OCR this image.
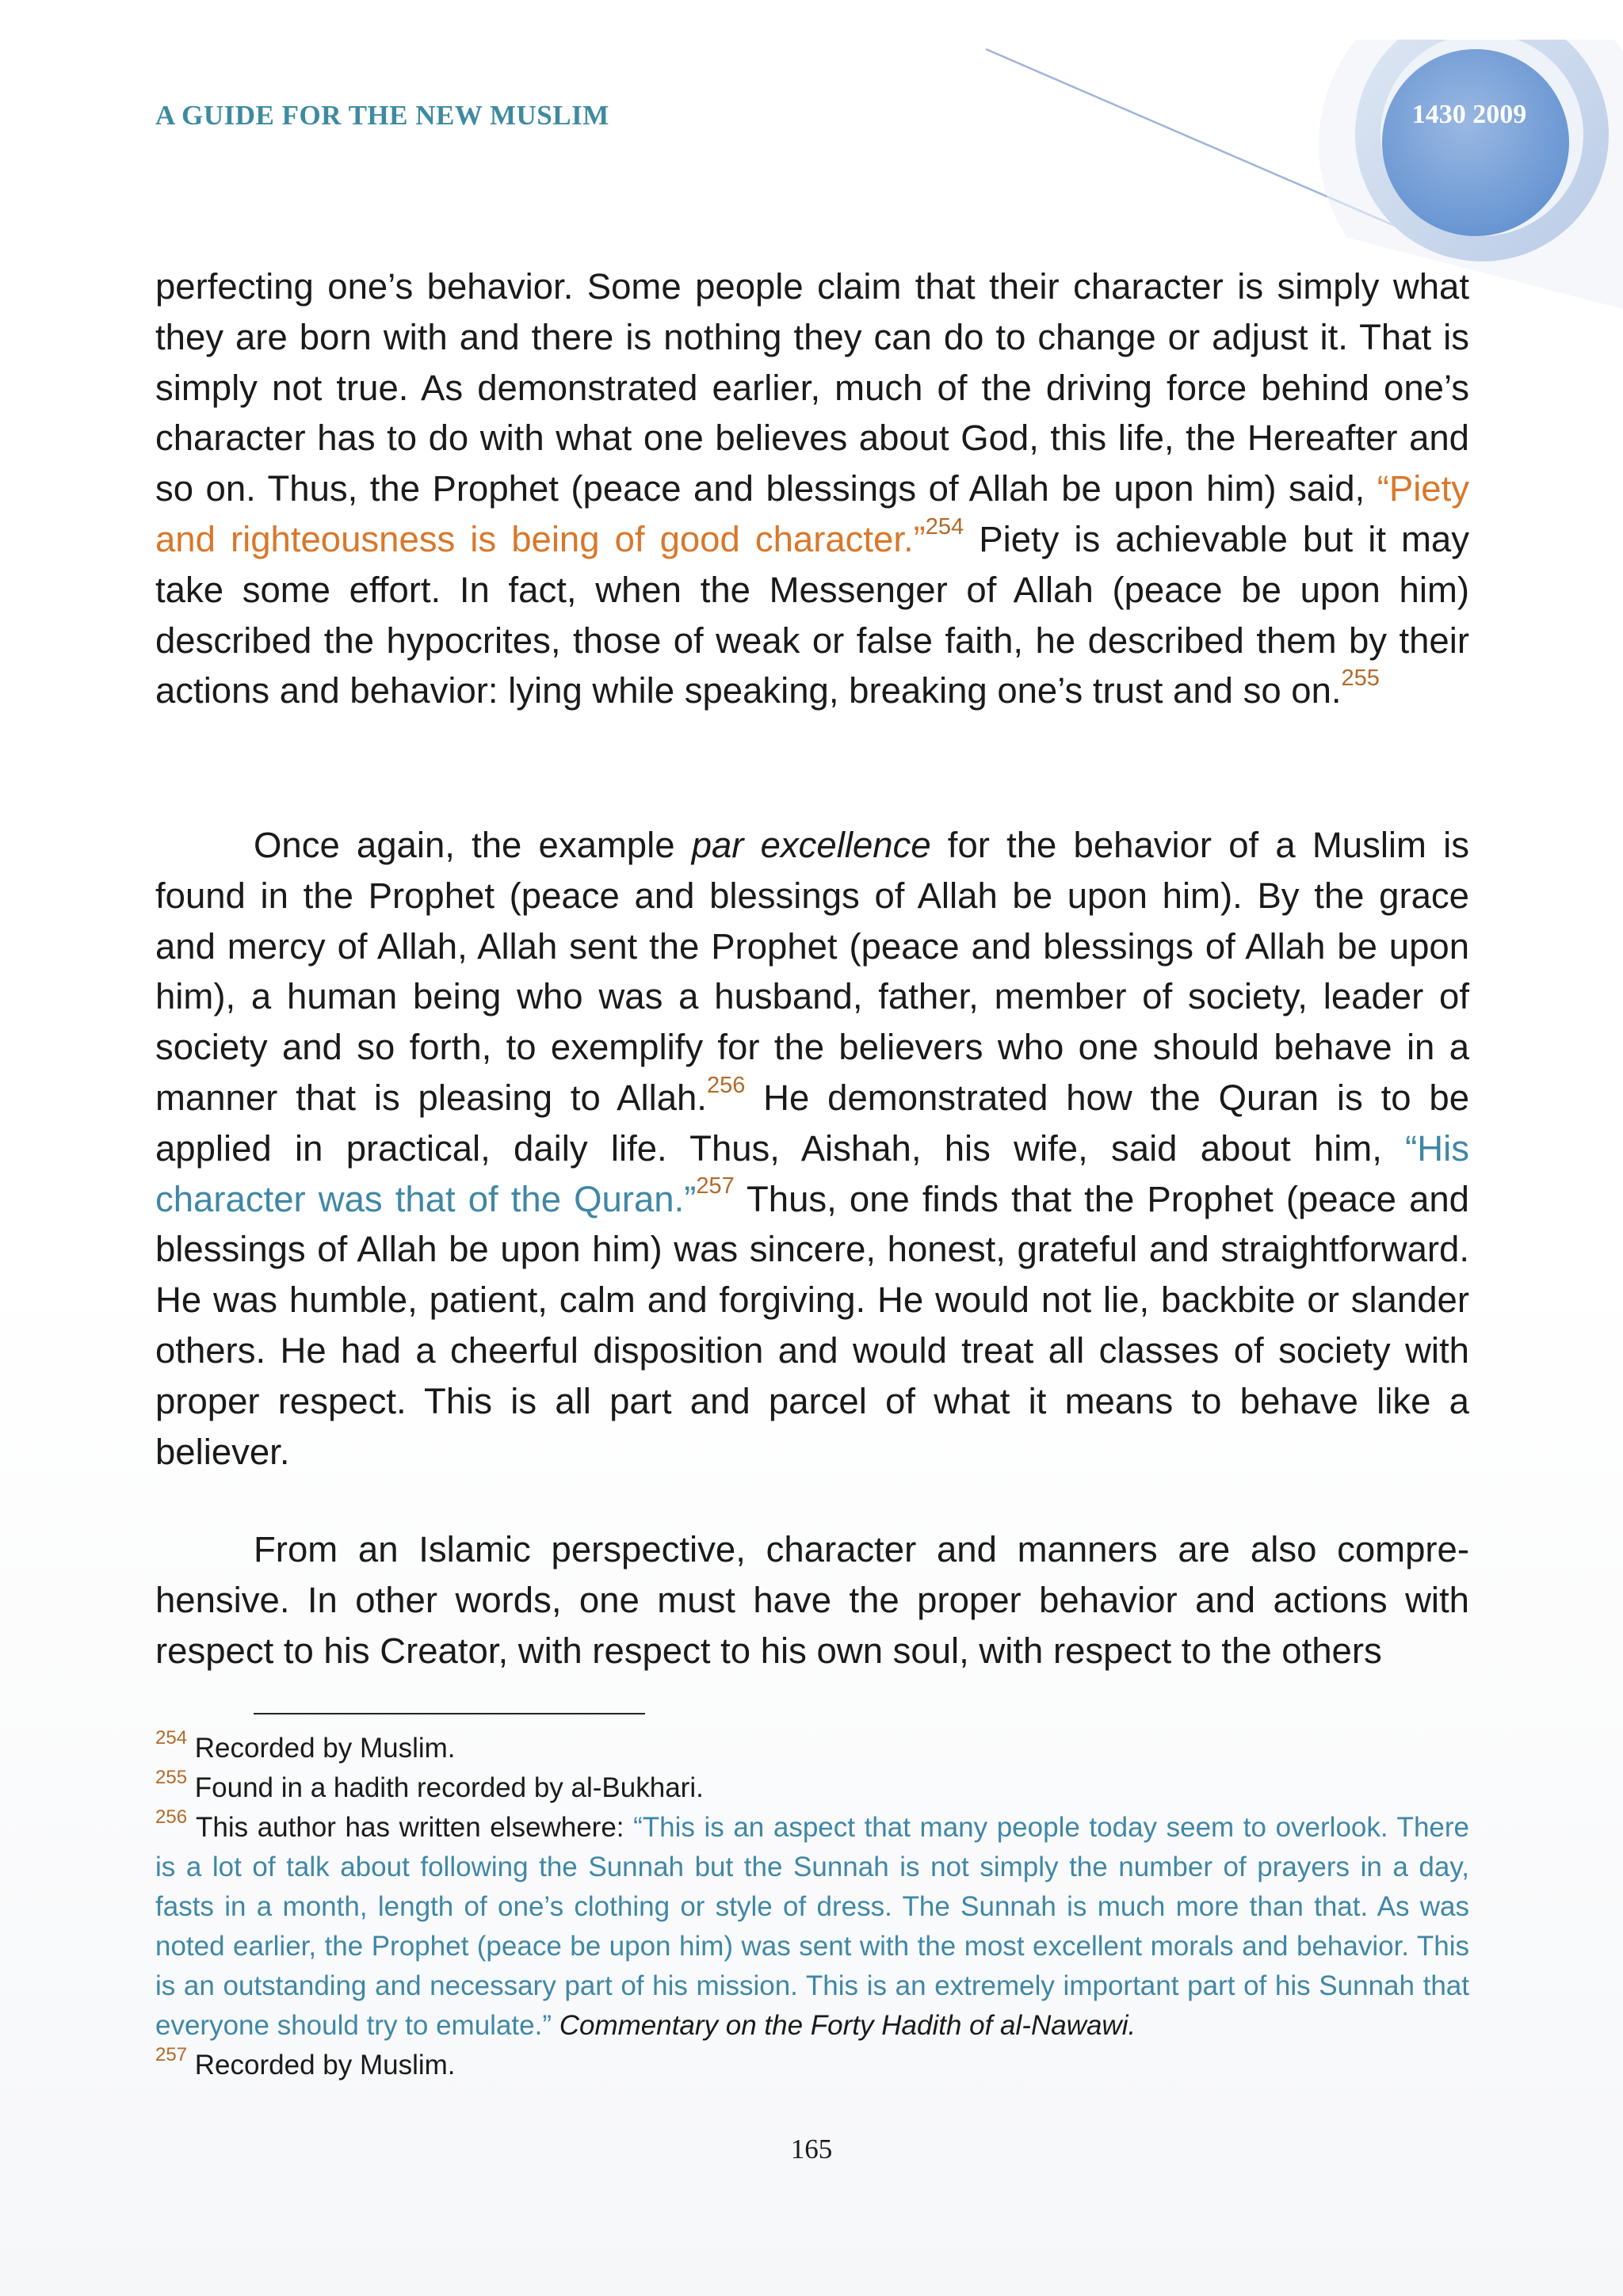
A GUIDE FOR THE NEW MUSLIM	1430 2009
perfecting one’s behavior. Some people claim that their character is simply what they are born with and there is nothing they can do to change or adjust it. That is simply not true. As demonstrated earlier, much of the driving force behind one’s character has to do with what one believes about God, this life, the Hereafter and so on. Thus, the Prophet (peace and blessings of Allah be upon him) said, “Piety and righteousness is being of good character.”$^{254}$ Piety is achievable but it may take some effort. In fact, when the Messenger of Allah (peace be upon him) described the hypocrites, those of weak or false faith, he described them by their actions and behavior: lying while speaking, breaking one’s trust and so on.$^{255}$
Once again, the example par excellence for the behavior of a Muslim is found in the Prophet (peace and blessings of Allah be upon him). By the grace and mercy of Allah, Allah sent the Prophet (peace and blessings of Allah be upon him), a human being who was a husband, father, member of society, leader of society and so forth, to exemplify for the believers who one should behave in a manner that is pleasing to Allah.$^{256}$ He demonstrated how the Quran is to be applied in practical, daily life. Thus, Aishah, his wife, said about him, “His character was that of the Quran.”$^{257}$ Thus, one finds that the Prophet (peace and blessings of Allah be upon him) was sincere, honest, grateful and straightforward. He was humble, patient, calm and forgiving. He would not lie, backbite or slander others. He had a cheerful disposition and would treat all classes of society with proper respect. This is all part and parcel of what it means to behave like a believer.
From an Islamic perspective, character and manners are also comprehensive. In other words, one must have the proper behavior and actions with respect to his Creator, with respect to his own soul, with respect to the others
$^{254}$ Recorded by Muslim.
$^{255}$ Found in a hadith recorded by al-Bukhari.
$^{256}$ This author has written elsewhere: “This is an aspect that many people today seem to overlook. There is a lot of talk about following the Sunnah but the Sunnah is not simply the number of prayers in a day, fasts in a month, length of one’s clothing or style of dress. The Sunnah is much more than that. As was noted earlier, the Prophet (peace be upon him) was sent with the most excellent morals and behavior. This is an outstanding and necessary part of his mission. This is an extremely important part of his Sunnah that everyone should try to emulate.” Commentary on the Forty Hadith of al-Nawawi.
$^{257}$ Recorded by Muslim.
165
